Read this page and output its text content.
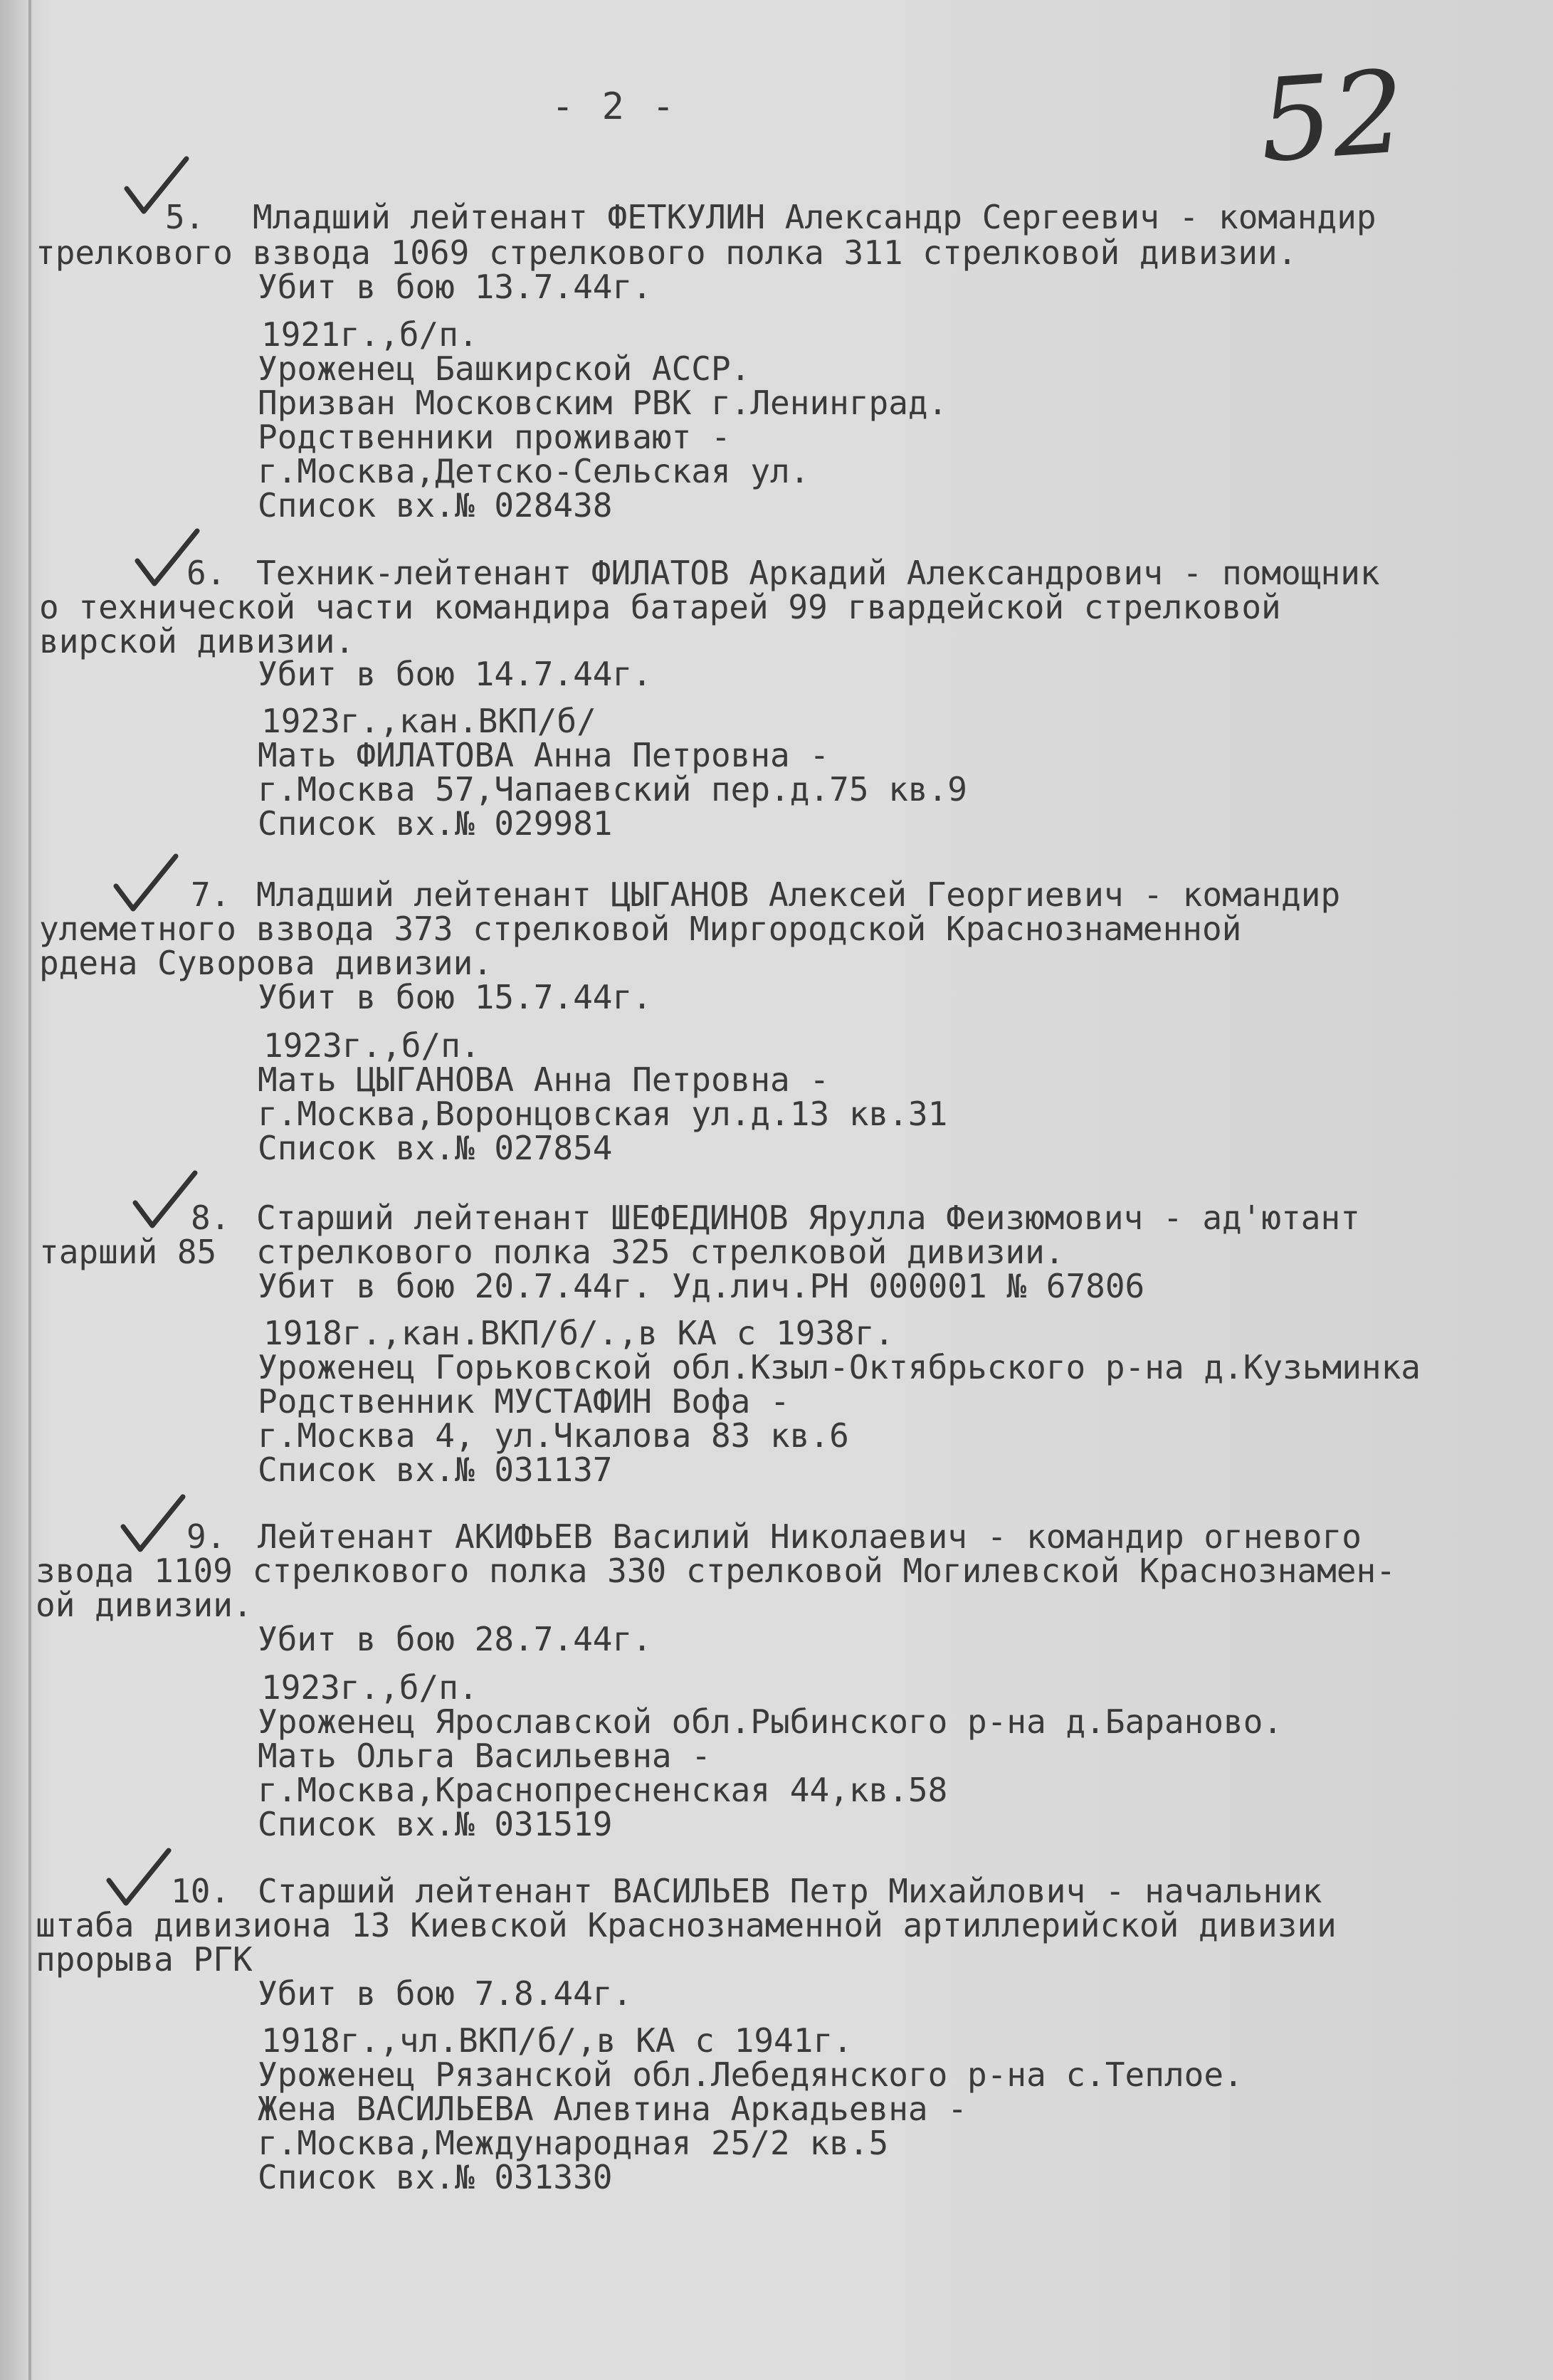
- 2 -	52
5. Младший лейтенант ФЕТКУЛИН Александр Сергеевич - командир
трелкового взвода 1069 стрелкового полка 311 стрелковой дивизии.
Убит в бою 13.7.44г.
1921г.,б/п.
Уроженец Башкирской АССР.
Призван Московским РВК г.Ленинград.
Родственники проживают -
г.Москва,Детско-Сельская ул.
Список вх.№ 028438
6. Техник-лейтенант ФИЛАТОВ Аркадий Александрович - помощник
о технической части командира батарей 99 гвардейской стрелковой
вирской дивизии.
Убит в бою 14.7.44г.
1923г.,кан.ВКП/б/
Мать ФИЛАТОВА Анна Петровна -
г.Москва 57,Чапаевский пер.д.75 кв.9
Список вх.№ 029981
7. Младший лейтенант ЦЫГАНОВ Алексей Георгиевич - командир
улеметного взвода 373 стрелковой Миргородской Краснознаменной
рдена Суворова дивизии.
Убит в бою 15.7.44г.
1923г.,б/п.
Мать ЦЫГАНОВА Анна Петровна -
г.Москва,Воронцовская ул.д.13 кв.31
Список вх.№ 027854
8. Старший лейтенант ШЕФЕДИНОВ Ярулла Феизюмович - ад'ютант
тарший 85 стрелкового полка 325 стрелковой дивизии.
Убит в бою 20.7.44г. Уд.лич.РН 000001 № 67806
1918г.,кан.ВКП/б/.,в КА с 1938г.
Уроженец Горьковской обл.Кзыл-Октябрьского р-на д.Кузьминка
Родственник МУСТАФИН Вофа -
г.Москва 4, ул.Чкалова 83 кв.6
Список вх.№ 031137
9. Лейтенант АКИФЬЕВ Василий Николаевич - командир огневого
звода 1109 стрелкового полка 330 стрелковой Могилевской Краснознамен-
ой дивизии.
Убит в бою 28.7.44г.
1923г.,б/п.
Уроженец Ярославской обл.Рыбинского р-на д.Бараново.
Мать Ольга Васильевна -
г.Москва,Краснопресненская 44,кв.58
Список вх.№ 031519
10. Старший лейтенант ВАСИЛЬЕВ Петр Михайлович - начальник
штаба дивизиона 13 Киевской Краснознаменной артиллерийской дивизии
прорыва РГК
Убит в бою 7.8.44г.
1918г.,чл.ВКП/б/,в КА с 1941г.
Уроженец Рязанской обл.Лебедянского р-на с.Теплое.
Жена ВАСИЛЬЕВА Алевтина Аркадьевна -
г.Москва,Международная 25/2 кв.5
Список вх.№ 031330
